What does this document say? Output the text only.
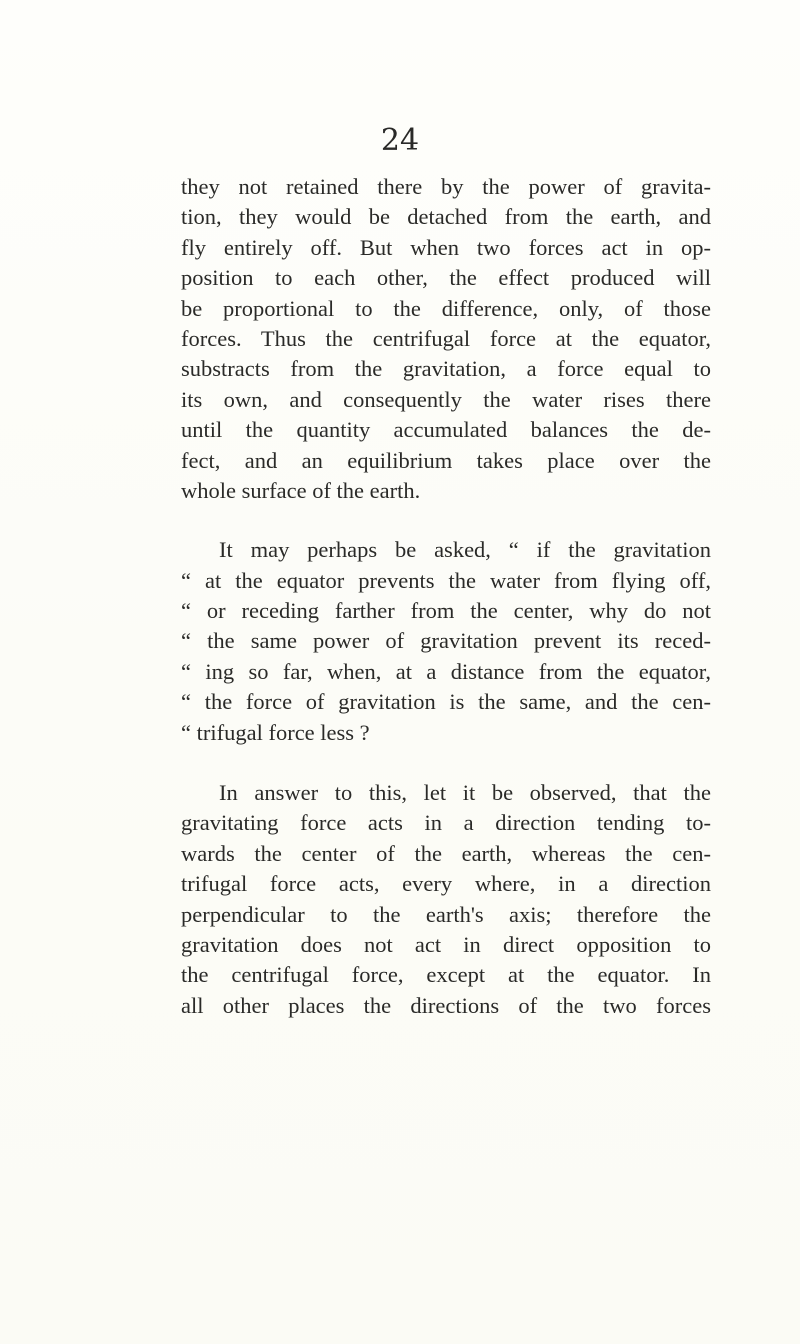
24
they not retained there by the power of gravita-
tion, they would be detached from the earth, and
fly entirely off. But when two forces act in op-
position to each other, the effect produced will
be proportional to the difference, only, of those
forces. Thus the centrifugal force at the equator,
substracts from the gravitation, a force equal to
its own, and consequently the water rises there
until the quantity accumulated balances the de-
fect, and an equilibrium takes place over the
whole surface of the earth.
It may perhaps be asked, “ if the gravitation
“ at the equator prevents the water from flying off,
“ or receding farther from the center, why do not
“ the same power of gravitation prevent its reced-
“ ing so far, when, at a distance from the equator,
“ the force of gravitation is the same, and the cen-
“ trifugal force less ?
In answer to this, let it be observed, that the
gravitating force acts in a direction tending to-
wards the center of the earth, whereas the cen-
trifugal force acts, every where, in a direction
perpendicular to the earth's axis; therefore the
gravitation does not act in direct opposition to
the centrifugal force, except at the equator. In
all other places the directions of the two forces
